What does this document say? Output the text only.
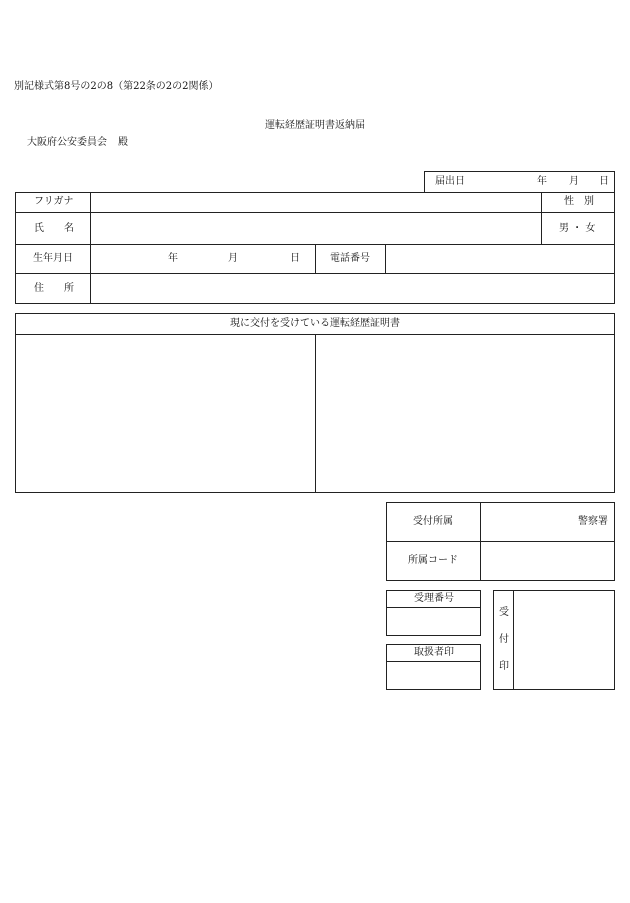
別記様式第8号の2の8（第22条の2の2関係）
運転経歴証明書返納届
大阪府公安委員会 殿
届出日	年 月 日
フリガナ	性　別
氏　　名	男 ・ 女
生年月日	年	月	日	電話番号
住　　所
現に交付を受けている運転経歴証明書
受付所属	警察署
所属コード
受理番号
取扱者印
受
付
印
